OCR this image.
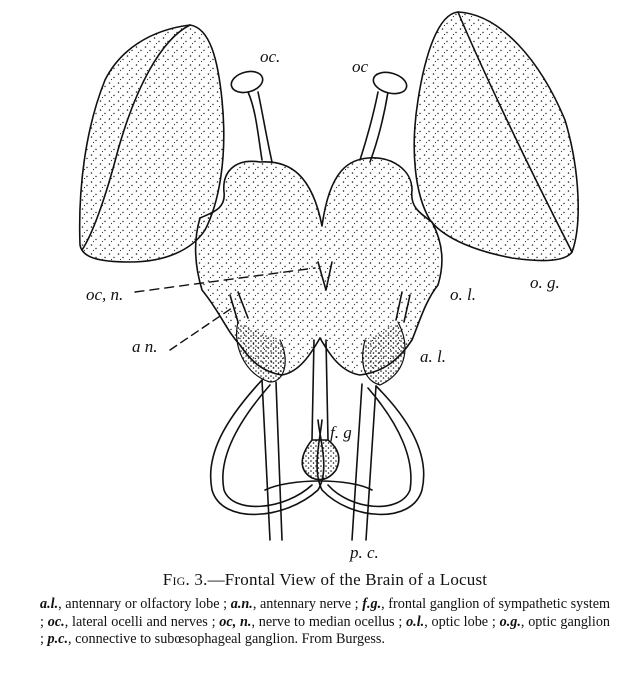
oc.
oc
oc, n.
a n.
o. l.
o. g.
a. l.
f. g
p. c.

Fig. 3.—Frontal View of the Brain of a Locust

a.l., antennary or olfactory lobe ; a.n., antennary nerve ; f.g., frontal ganglion of sympathetic system ; oc., lateral ocelli and nerves ; oc, n., nerve to median ocellus ; o.l., optic lobe ; o.g., optic ganglion ; p.c., connective to subœsophageal ganglion. From Burgess.
